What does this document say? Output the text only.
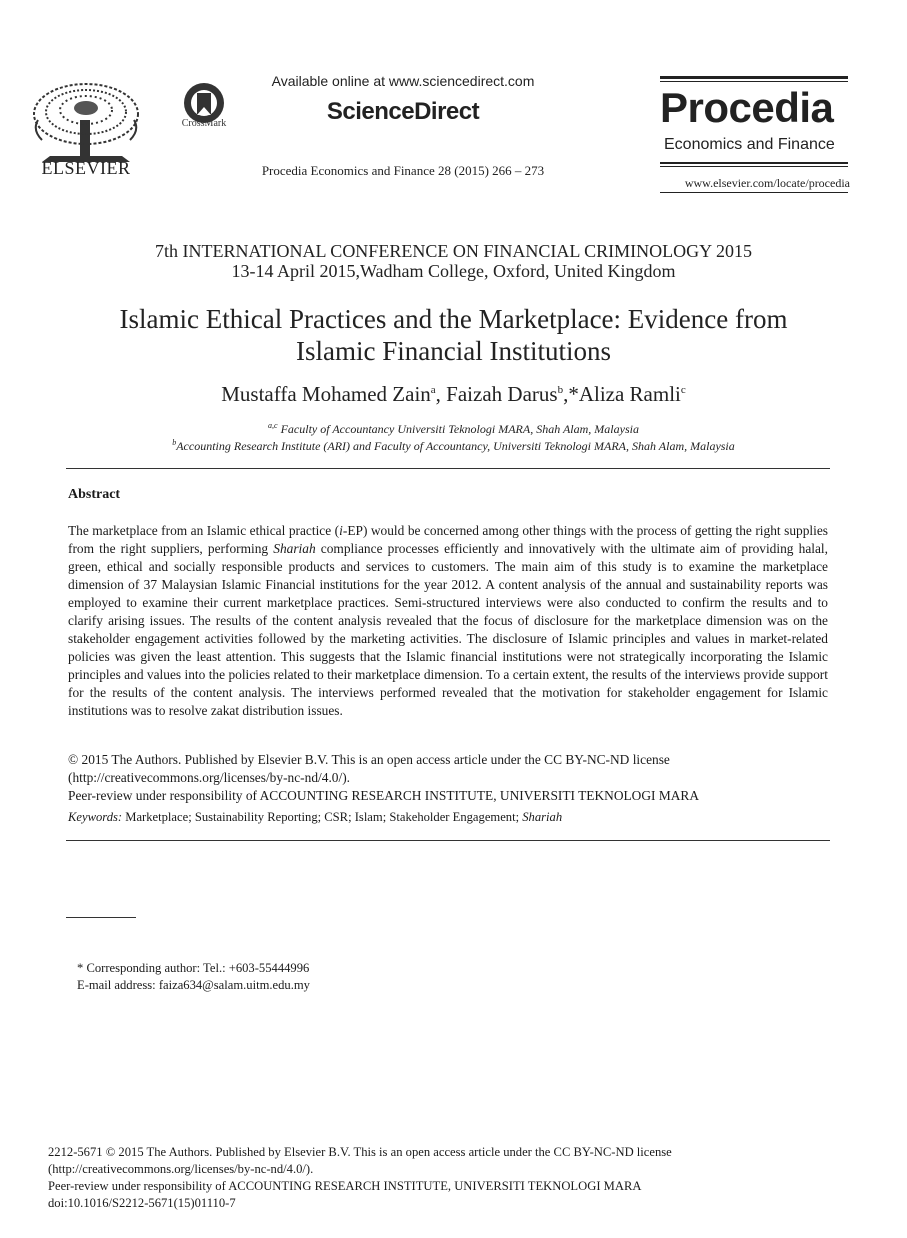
ELSEVIER
CrossMark
Available online at www.sciencedirect.com
ScienceDirect
Procedia Economics and Finance 28 (2015) 266 – 273
Procedia
Economics and Finance
www.elsevier.com/locate/procedia
7th INTERNATIONAL CONFERENCE ON FINANCIAL CRIMINOLOGY 2015
13-14 April 2015,Wadham College, Oxford, United Kingdom
Islamic Ethical Practices and the Marketplace: Evidence from
Islamic Financial Institutions
Mustaffa Mohamed Zain$^a$, Faizah Darus$^b$,*Aliza Ramli$^c$
$^{a,c}$ Faculty of Accountancy Universiti Teknologi MARA, Shah Alam, Malaysia
$^b$Accounting Research Institute (ARI) and Faculty of Accountancy, Universiti Teknologi MARA, Shah Alam, Malaysia
Abstract
The marketplace from an Islamic ethical practice (i-EP) would be concerned among other things with the process of getting the right supplies from the right suppliers, performing Shariah compliance processes efficiently and innovatively with the ultimate aim of providing halal, green, ethical and socially responsible products and services to customers. The main aim of this study is to examine the marketplace dimension of 37 Malaysian Islamic Financial institutions for the year 2012. A content analysis of the annual and sustainability reports was employed to examine their current marketplace practices. Semi-structured interviews were also conducted to confirm the results and to clarify arising issues. The results of the content analysis revealed that the focus of disclosure for the marketplace dimension was on the stakeholder engagement activities followed by the marketing activities. The disclosure of Islamic principles and values in market-related policies was given the least attention. This suggests that the Islamic financial institutions were not strategically incorporating the Islamic principles and values into the policies related to their marketplace dimension. To a certain extent, the results of the interviews provide support for the results of the content analysis. The interviews performed revealed that the motivation for stakeholder engagement for Islamic institutions was to resolve zakat distribution issues.
© 2015 The Authors. Published by Elsevier B.V. This is an open access article under the CC BY-NC-ND license
(http://creativecommons.org/licenses/by-nc-nd/4.0/).
Peer-review under responsibility of ACCOUNTING RESEARCH INSTITUTE, UNIVERSITI TEKNOLOGI MARA
Keywords: Marketplace; Sustainability Reporting; CSR; Islam; Stakeholder Engagement; Shariah
* Corresponding author: Tel.: +603-55444996
E-mail address: faiza634@salam.uitm.edu.my
2212-5671 © 2015 The Authors. Published by Elsevier B.V. This is an open access article under the CC BY-NC-ND license
(http://creativecommons.org/licenses/by-nc-nd/4.0/).
Peer-review under responsibility of ACCOUNTING RESEARCH INSTITUTE, UNIVERSITI TEKNOLOGI MARA
doi:10.1016/S2212-5671(15)01110-7
